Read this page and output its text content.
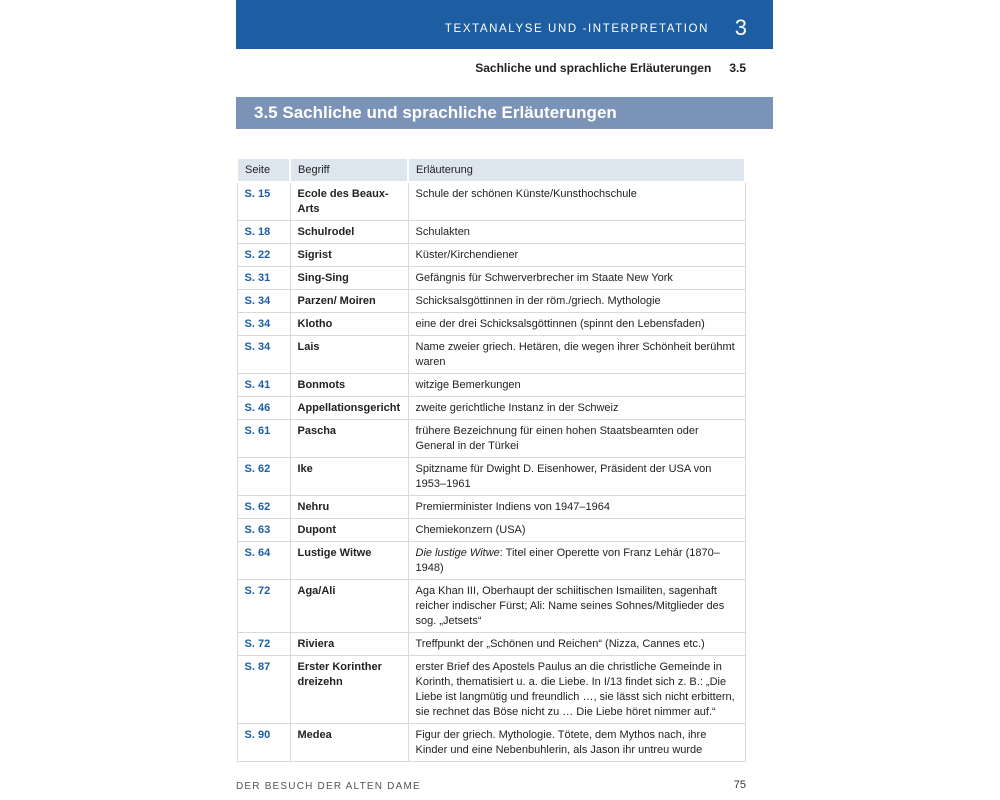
TEXTANALYSE UND -INTERPRETATION 3
Sachliche und sprachliche Erläuterungen 3.5
3.5 Sachliche und sprachliche Erläuterungen
Seite	Begriff	Erläuterung
S. 15	Ecole des Beaux-Arts	Schule der schönen Künste/Kunsthochschule
S. 18	Schulrodel	Schulakten
S. 22	Sigrist	Küster/Kirchendiener
S. 31	Sing-Sing	Gefängnis für Schwerverbrecher im Staate New York
S. 34	Parzen/ Moiren	Schicksalsgöttinnen in der röm./griech. Mythologie
S. 34	Klotho	eine der drei Schicksalsgöttinnen (spinnt den Lebensfaden)
S. 34	Lais	Name zweier griech. Hetären, die wegen ihrer Schönheit berühmt waren
S. 41	Bonmots	witzige Bemerkungen
S. 46	Appellationsgericht	zweite gerichtliche Instanz in der Schweiz
S. 61	Pascha	frühere Bezeichnung für einen hohen Staatsbeamten oder General in der Türkei
S. 62	Ike	Spitzname für Dwight D. Eisenhower, Präsident der USA von 1953–1961
S. 62	Nehru	Premierminister Indiens von 1947–1964
S. 63	Dupont	Chemiekonzern (USA)
S. 64	Lustige Witwe	Die lustige Witwe: Titel einer Operette von Franz Lehár (1870–1948)
S. 72	Aga/Ali	Aga Khan III, Oberhaupt der schiitischen Ismailiten, sagenhaft reicher indischer Fürst; Ali: Name seines Sohnes/Mitglieder des sog. „Jetsets“
S. 72	Riviera	Treffpunkt der „Schönen und Reichen“ (Nizza, Cannes etc.)
S. 87	Erster Korinther dreizehn	erster Brief des Apostels Paulus an die christliche Gemeinde in Korinth, thematisiert u. a. die Liebe. In I/13 findet sich z. B.: „Die Liebe ist langmütig und freundlich …, sie lässt sich nicht erbittern, sie rechnet das Böse nicht zu … Die Liebe höret nimmer auf.“
S. 90	Medea	Figur der griech. Mythologie. Tötete, dem Mythos nach, ihre Kinder und eine Nebenbuhlerin, als Jason ihr untreu wurde
DER BESUCH DER ALTEN DAME	75
